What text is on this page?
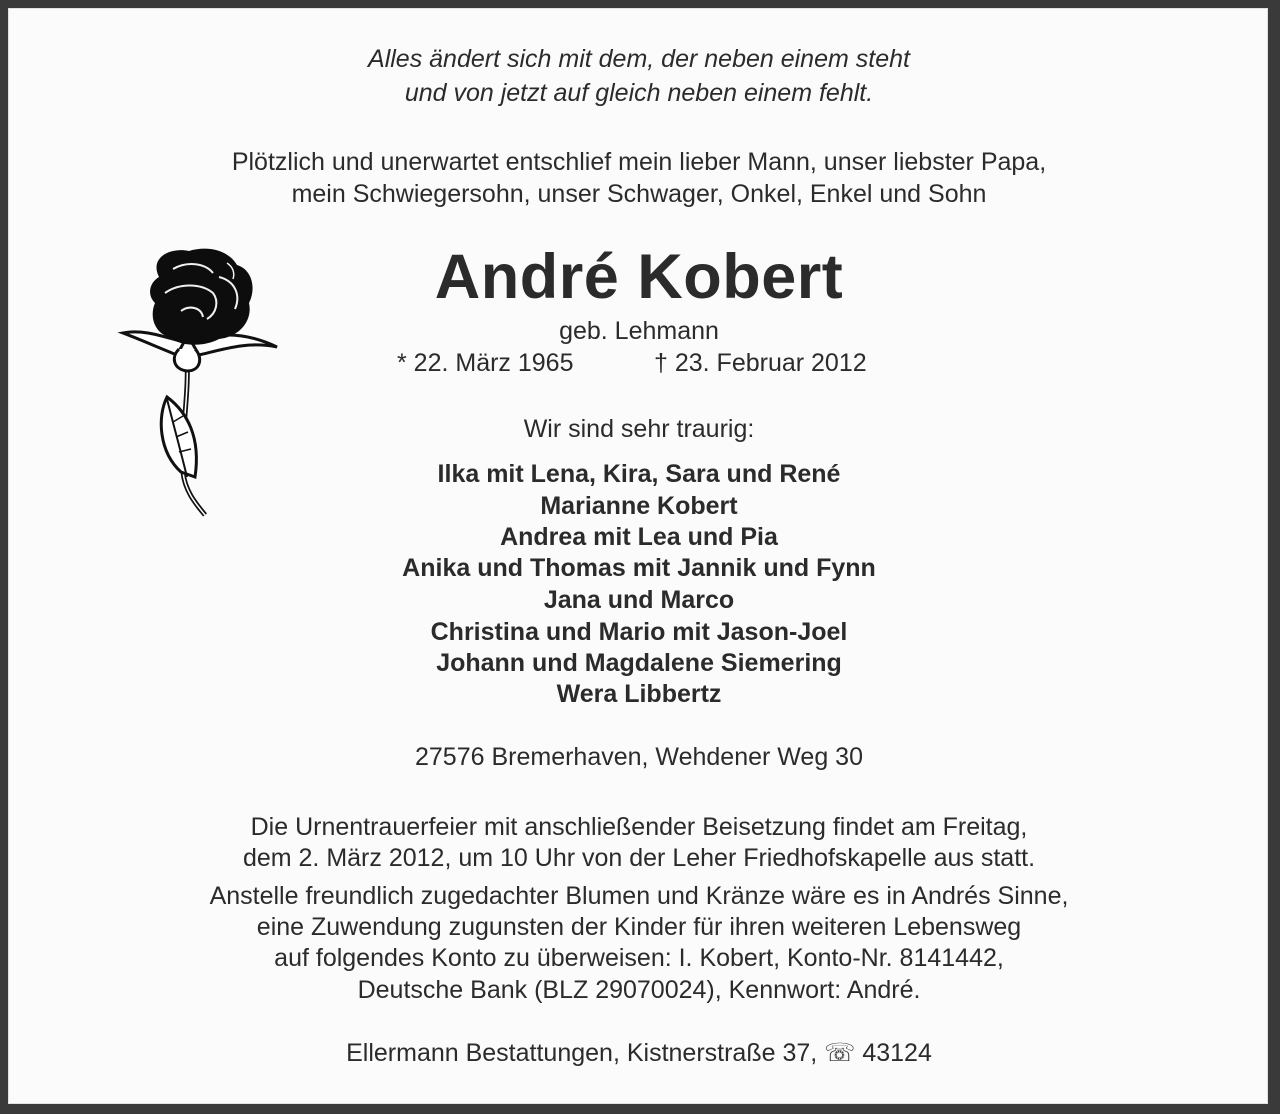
Alles ändert sich mit dem, der neben einem steht
und von jetzt auf gleich neben einem fehlt.
Plötzlich und unerwartet entschlief mein lieber Mann, unser liebster Papa,
mein Schwiegersohn, unser Schwager, Onkel, Enkel und Sohn
André Kobert
geb. Lehmann
* 22. März 1965	† 23. Februar 2012
Wir sind sehr traurig:
Ilka mit Lena, Kira, Sara und René
Marianne Kobert
Andrea mit Lea und Pia
Anika und Thomas mit Jannik und Fynn
Jana und Marco
Christina und Mario mit Jason-Joel
Johann und Magdalene Siemering
Wera Libbertz
27576 Bremerhaven, Wehdener Weg 30
Die Urnentrauerfeier mit anschließender Beisetzung findet am Freitag,
dem 2. März 2012, um 10 Uhr von der Leher Friedhofskapelle aus statt.
Anstelle freundlich zugedachter Blumen und Kränze wäre es in Andrés Sinne,
eine Zuwendung zugunsten der Kinder für ihren weiteren Lebensweg
auf folgendes Konto zu überweisen: I. Kobert, Konto-Nr. 8141442,
Deutsche Bank (BLZ 29070024), Kennwort: André.
Ellermann Bestattungen, Kistnerstraße 37, ☏ 43124
